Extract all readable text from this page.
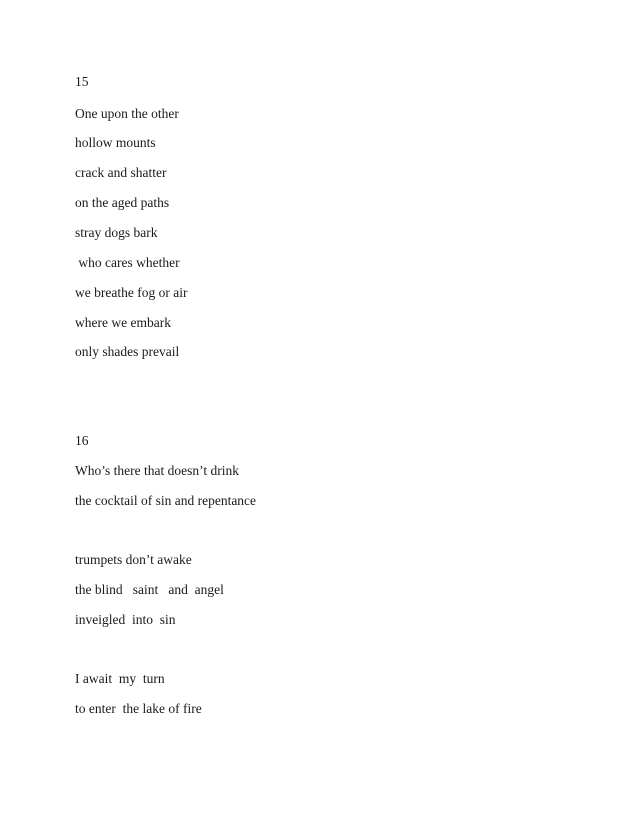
15
One upon the other
hollow mounts
crack and shatter
on the aged paths
stray dogs bark
who cares whether
we breathe fog or air
where we embark
only shades prevail
16
Who’s there that doesn’t drink
the cocktail of sin and repentance
trumpets don’t awake
the blind   saint   and  angel
inveigled  into  sin
I await  my  turn
to enter  the lake of fire
